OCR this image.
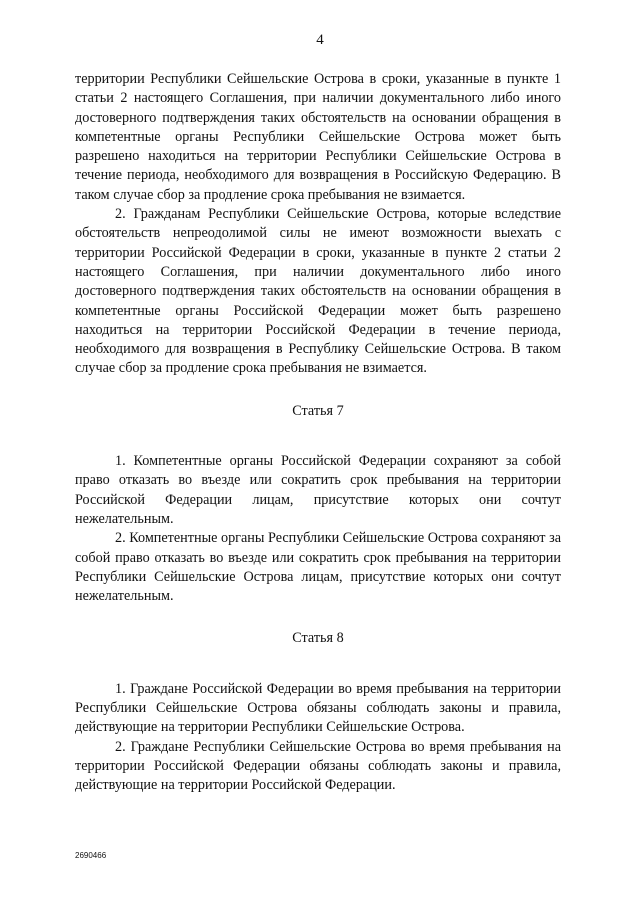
4

территории Республики Сейшельские Острова в сроки, указанные в пункте 1 статьи 2 настоящего Соглашения, при наличии документального либо иного достоверного подтверждения таких обстоятельств на основании обращения в компетентные органы Республики Сейшельские Острова может быть разрешено находиться на территории Республики Сейшельские Острова в течение периода, необходимого для возвращения в Российскую Федерацию. В таком случае сбор за продление срока пребывания не взимается.

2. Гражданам Республики Сейшельские Острова, которые вследствие обстоятельств непреодолимой силы не имеют возможности выехать с территории Российской Федерации в сроки, указанные в пункте 2 статьи 2 настоящего Соглашения, при наличии документального либо иного достоверного подтверждения таких обстоятельств на основании обращения в компетентные органы Российской Федерации может быть разрешено находиться на территории Российской Федерации в течение периода, необходимого для возвращения в Республику Сейшельские Острова. В таком случае сбор за продление срока пребывания не взимается.

Статья 7

1. Компетентные органы Российской Федерации сохраняют за собой право отказать во въезде или сократить срок пребывания на территории Российской Федерации лицам, присутствие которых они сочтут нежелательным.

2. Компетентные органы Республики Сейшельские Острова сохраняют за собой право отказать во въезде или сократить срок пребывания на территории Республики Сейшельские Острова лицам, присутствие которых они сочтут нежелательным.

Статья 8

1. Граждане Российской Федерации во время пребывания на территории Республики Сейшельские Острова обязаны соблюдать законы и правила, действующие на территории Республики Сейшельские Острова.

2. Граждане Республики Сейшельские Острова во время пребывания на территории Российской Федерации обязаны соблюдать законы и правила, действующие на территории Российской Федерации.

2690466
